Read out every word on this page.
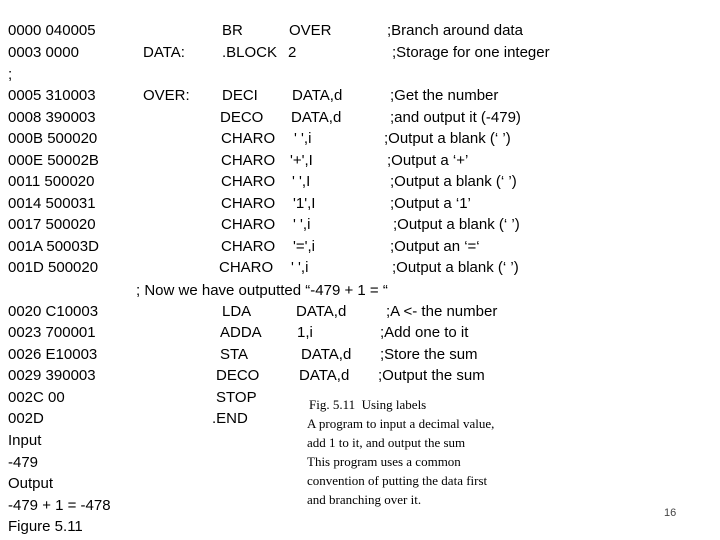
0000 040005	BR	OVER	;Branch around data
0003 0000	DATA: .BLOCK 2	;Storage for one integer
;
0005 310003	OVER: DECI DATA,d	;Get the number
0008 390003	DECO DATA,d	;and output it (-479)
000B 500020	CHARO ' ',i	;Output a blank (‘ ’)
000E 50002B	CHARO '+',I	;Output a ‘+’
0011 500020	CHARO ' ',I	;Output a blank (‘ ’)
0014 500031	CHARO '1',I	;Output a ‘1’
0017 500020	CHARO ' ',i	;Output a blank (‘ ’)
001A 50003D	CHARO '=',i	;Output an ‘=‘
001D 500020	CHARO ' ',i	;Output a blank (‘ ’)
0020 C10003	LDA	DATA,d	;A <- the number
0023 700001	ADDA 1,i	;Add one to it
0026 E10003	STA	DATA,d ;Store the sum
0029 390003	DECO	DATA,d ;Output the sum
002C 00	STOP
002D	.END
; Now we have outputted “-479 + 1 = “
Input
-479
Output
-479 + 1 = -478
Figure 5.11
Fig. 5.11  Using labels
A program to input a decimal value,
add 1 to it, and output the sum
This program uses a common
convention of putting the data first
and branching over it.
16
